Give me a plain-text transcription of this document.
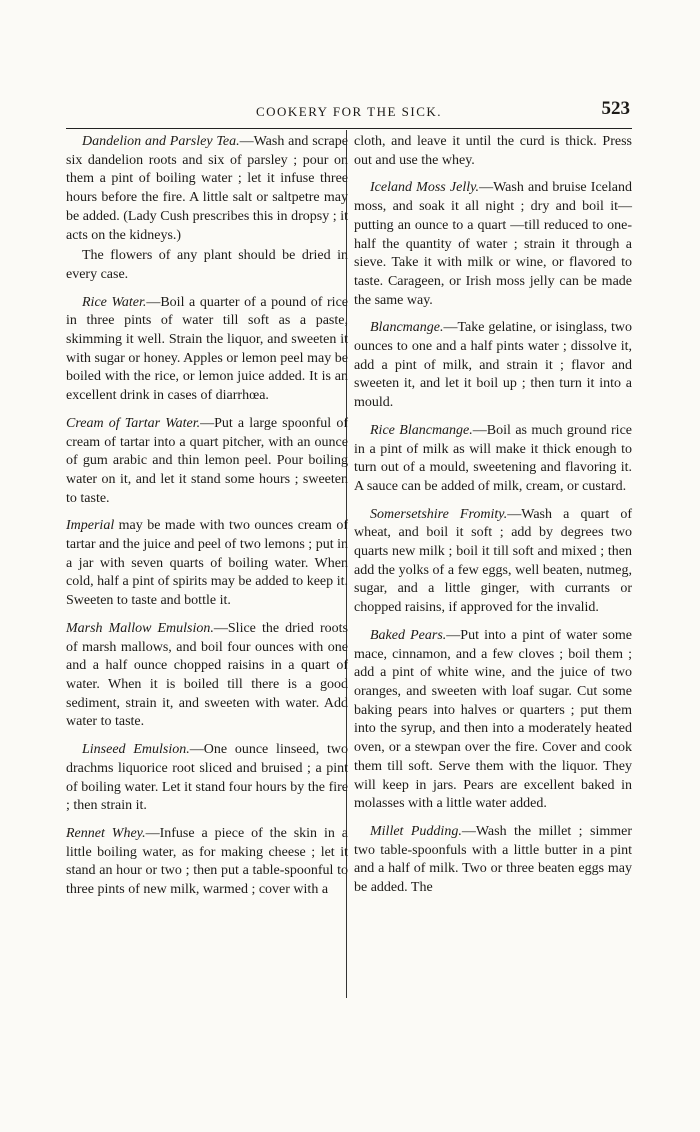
COOKERY FOR THE SICK.	523

Dandelion and Parsley Tea.—Wash and scrape six dandelion roots and six of parsley ; pour on them a pint of boiling water ; let it infuse three hours before the fire. A little salt or saltpetre may be added. (Lady Cush prescribes this in dropsy ; it acts on the kidneys.)

The flowers of any plant should be dried in every case.

Rice Water.—Boil a quarter of a pound of rice in three pints of water till soft as a paste, skimming it well. Strain the liquor, and sweeten it with sugar or honey. Apples or lemon peel may be boiled with the rice, or lemon juice added. It is an excellent drink in cases of diarrhœa.

Cream of Tartar Water.—Put a large spoonful of cream of tartar into a quart pitcher, with an ounce of gum arabic and thin lemon peel. Pour boiling water on it, and let it stand some hours ; sweeten to taste.

Imperial may be made with two ounces cream of tartar and the juice and peel of two lemons ; put in a jar with seven quarts of boiling water. When cold, half a pint of spirits may be added to keep it. Sweeten to taste and bottle it.

Marsh Mallow Emulsion.—Slice the dried roots of marsh mallows, and boil four ounces with one and a half ounce chopped raisins in a quart of water. When it is boiled till there is a good sediment, strain it, and sweeten with water. Add water to taste.

Linseed Emulsion.—One ounce linseed, two drachms liquorice root sliced and bruised ; a pint of boiling water. Let it stand four hours by the fire ; then strain it.

Rennet Whey.—Infuse a piece of the skin in a little boiling water, as for making cheese ; let it stand an hour or two ; then put a table-spoonful to three pints of new milk, warmed ; cover with a

cloth, and leave it until the curd is thick. Press out and use the whey.

Iceland Moss Jelly.—Wash and bruise Iceland moss, and soak it all night ; dry and boil it—putting an ounce to a quart —till reduced to one-half the quantity of water ; strain it through a sieve. Take it with milk or wine, or flavored to taste. Carageen, or Irish moss jelly can be made the same way.

Blancmange.—Take gelatine, or isinglass, two ounces to one and a half pints water ; dissolve it, add a pint of milk, and strain it ; flavor and sweeten it, and let it boil up ; then turn it into a mould.

Rice Blancmange.—Boil as much ground rice in a pint of milk as will make it thick enough to turn out of a mould, sweetening and flavoring it. A sauce can be added of milk, cream, or custard.

Somersetshire Fromity.—Wash a quart of wheat, and boil it soft ; add by degrees two quarts new milk ; boil it till soft and mixed ; then add the yolks of a few eggs, well beaten, nutmeg, sugar, and a little ginger, with currants or chopped raisins, if approved for the invalid.

Baked Pears.—Put into a pint of water some mace, cinnamon, and a few cloves ; boil them ; add a pint of white wine, and the juice of two oranges, and sweeten with loaf sugar. Cut some baking pears into halves or quarters ; put them into the syrup, and then into a moderately heated oven, or a stewpan over the fire. Cover and cook them till soft. Serve them with the liquor. They will keep in jars. Pears are excellent baked in molasses with a little water added.

Millet Pudding.—Wash the millet ; simmer two table-spoonfuls with a little butter in a pint and a half of milk. Two or three beaten eggs may be added. The
